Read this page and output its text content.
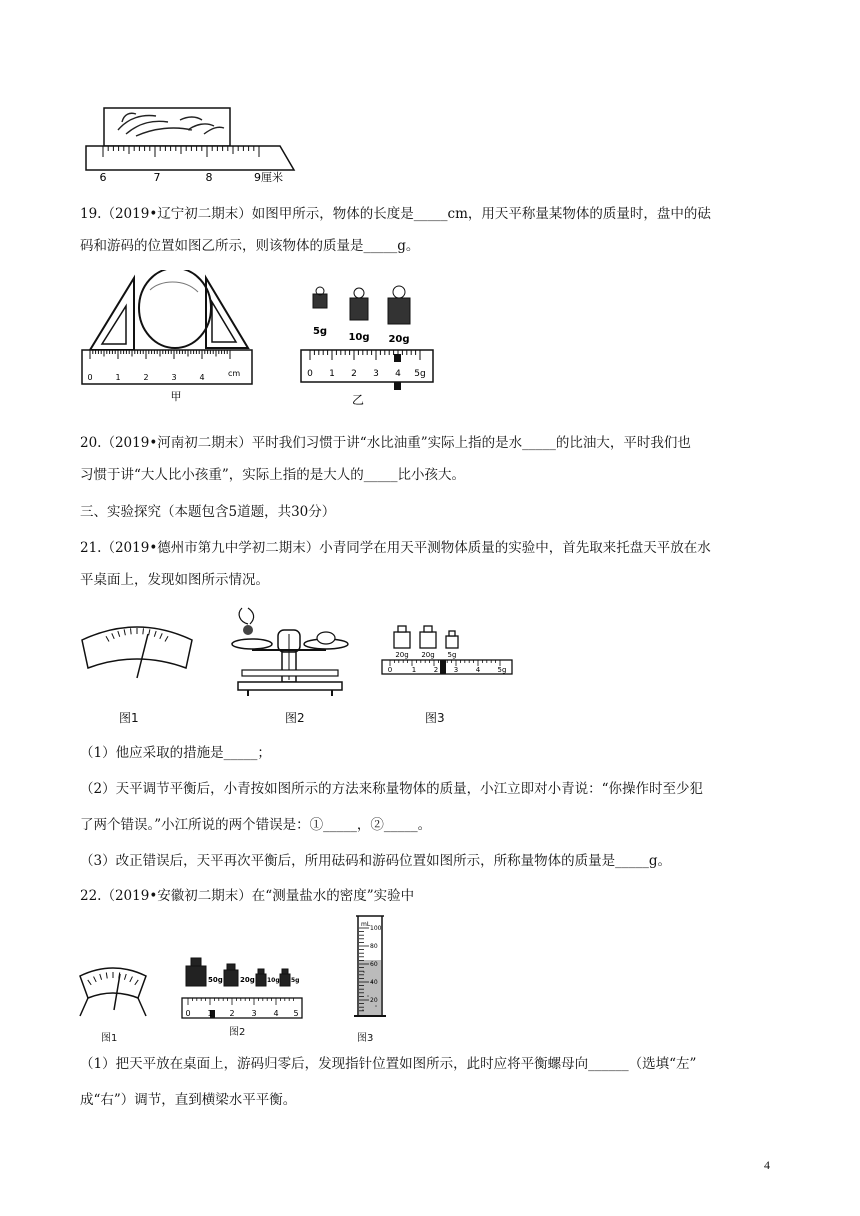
6	7	8	9厘米
19.（2019•辽宁初二期末）如图甲所示，物体的长度是_____cm，用天平称量某物体的质量时，盘中的砝
码和游码的位置如图乙所示，则该物体的质量是_____g。
0	1	2	3	4	cm
甲
5g
10g 20g
0 1 2 3 4 5g
乙
20.（2019•河南初二期末）平时我们习惯于讲“水比油重”实际上指的是水_____的比油大，平时我们也
习惯于讲“大人比小孩重”，实际上指的是大人的_____比小孩大。
三、实验探究（本题包含5道题，共30分）
21.（2019•德州市第九中学初二期末）小青同学在用天平测物体质量的实验中，首先取来托盘天平放在水
平桌面上，发现如图所示情况。
图1	图2
20g 20g 5g
0	1	2 3	4 5g
图3
（1）他应采取的措施是_____；
（2）天平调节平衡后，小青按如图所示的方法来称量物体的质量，小江立即对小青说：“你操作时至少犯
了两个错误。”小江所说的两个错误是：①_____，②_____。
（3）改正错误后，天平再次平衡后，所用砝码和游码位置如图所示，所称量物体的质量是_____g。
22.（2019•安徽初二期末）在“测量盐水的密度”实验中
图1
50g 20g 10g 5g
0 1 2 3 4 5
图2
mL
100
80
60
40
20
图3
（1）把天平放在桌面上，游码归零后，发现指针位置如图所示，此时应将平衡螺母向______（选填“左”
成“右”）调节，直到横梁水平平衡。
4
